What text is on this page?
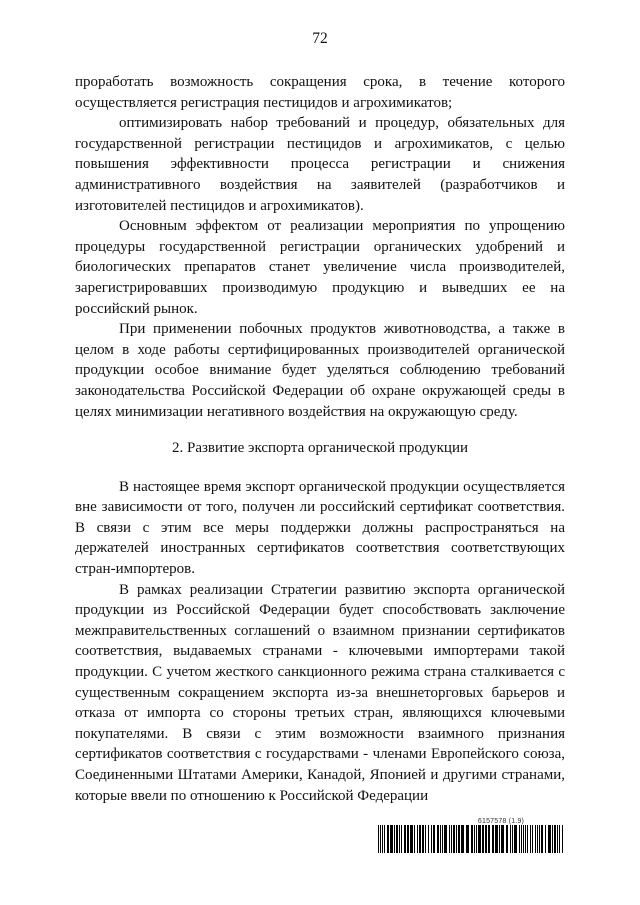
72

проработать возможность сокращения срока, в течение которого осуществляется регистрация пестицидов и агрохимикатов;

оптимизировать набор требований и процедур, обязательных для государственной регистрации пестицидов и агрохимикатов, с целью повышения эффективности процесса регистрации и снижения административного воздействия на заявителей (разработчиков и изготовителей пестицидов и агрохимикатов).

Основным эффектом от реализации мероприятия по упрощению процедуры государственной регистрации органических удобрений и биологических препаратов станет увеличение числа производителей, зарегистрировавших производимую продукцию и выведших ее на российский рынок.

При применении побочных продуктов животноводства, а также в целом в ходе работы сертифицированных производителей органической продукции особое внимание будет уделяться соблюдению требований законодательства Российской Федерации об охране окружающей среды в целях минимизации негативного воздействия на окружающую среду.

2. Развитие экспорта органической продукции

В настоящее время экспорт органической продукции осуществляется вне зависимости от того, получен ли российский сертификат соответствия. В связи с этим все меры поддержки должны распространяться на держателей иностранных сертификатов соответствия соответствующих стран-импортеров.

В рамках реализации Стратегии развитию экспорта органической продукции из Российской Федерации будет способствовать заключение межправительственных соглашений о взаимном признании сертификатов соответствия, выдаваемых странами - ключевыми импортерами такой продукции. С учетом жесткого санкционного режима страна сталкивается с существенным сокращением экспорта из-за внешнеторговых барьеров и отказа от импорта со стороны третьих стран, являющихся ключевыми покупателями. В связи с этим возможности взаимного признания сертификатов соответствия с государствами - членами Европейского союза, Соединенными Штатами Америки, Канадой, Японией и другими странами, которые ввели по отношению к Российской Федерации

6157578 (1.9)
